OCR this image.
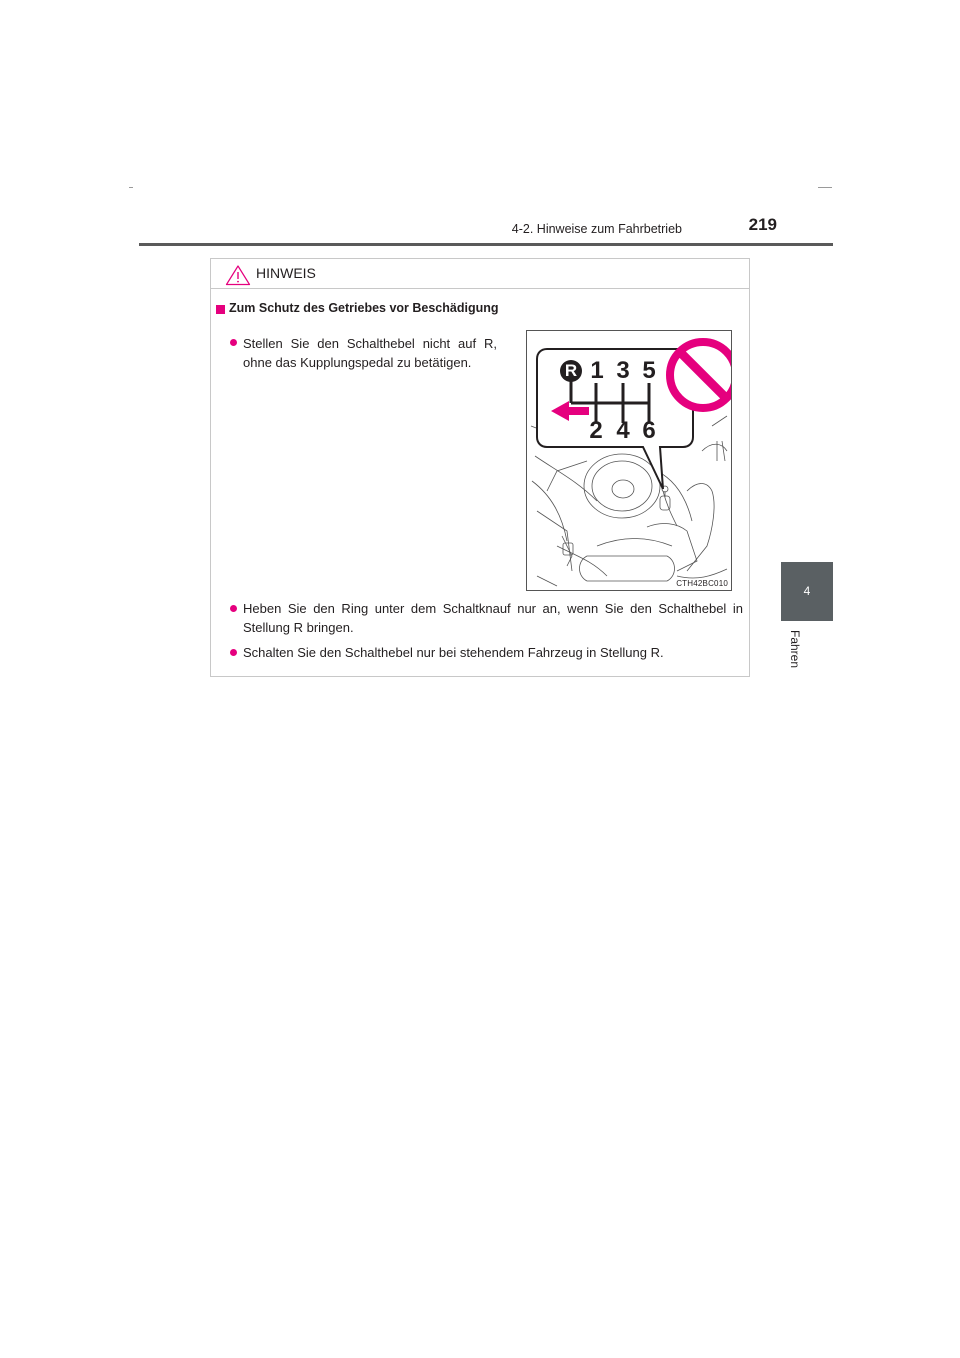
4-2. Hinweise zum Fahrbetrieb	219
4
Fahren
HINWEIS
Zum Schutz des Getriebes vor Beschädigung
Stellen Sie den Schalthebel nicht auf R,
ohne das Kupplungspedal zu betätigen.
Heben Sie den Ring unter dem Schaltknauf nur an, wenn Sie den Schalthebel in
Stellung R bringen.
Schalten Sie den Schalthebel nur bei stehendem Fahrzeug in Stellung R.
R 1 3 5
2 4 6
CTH42BC010
